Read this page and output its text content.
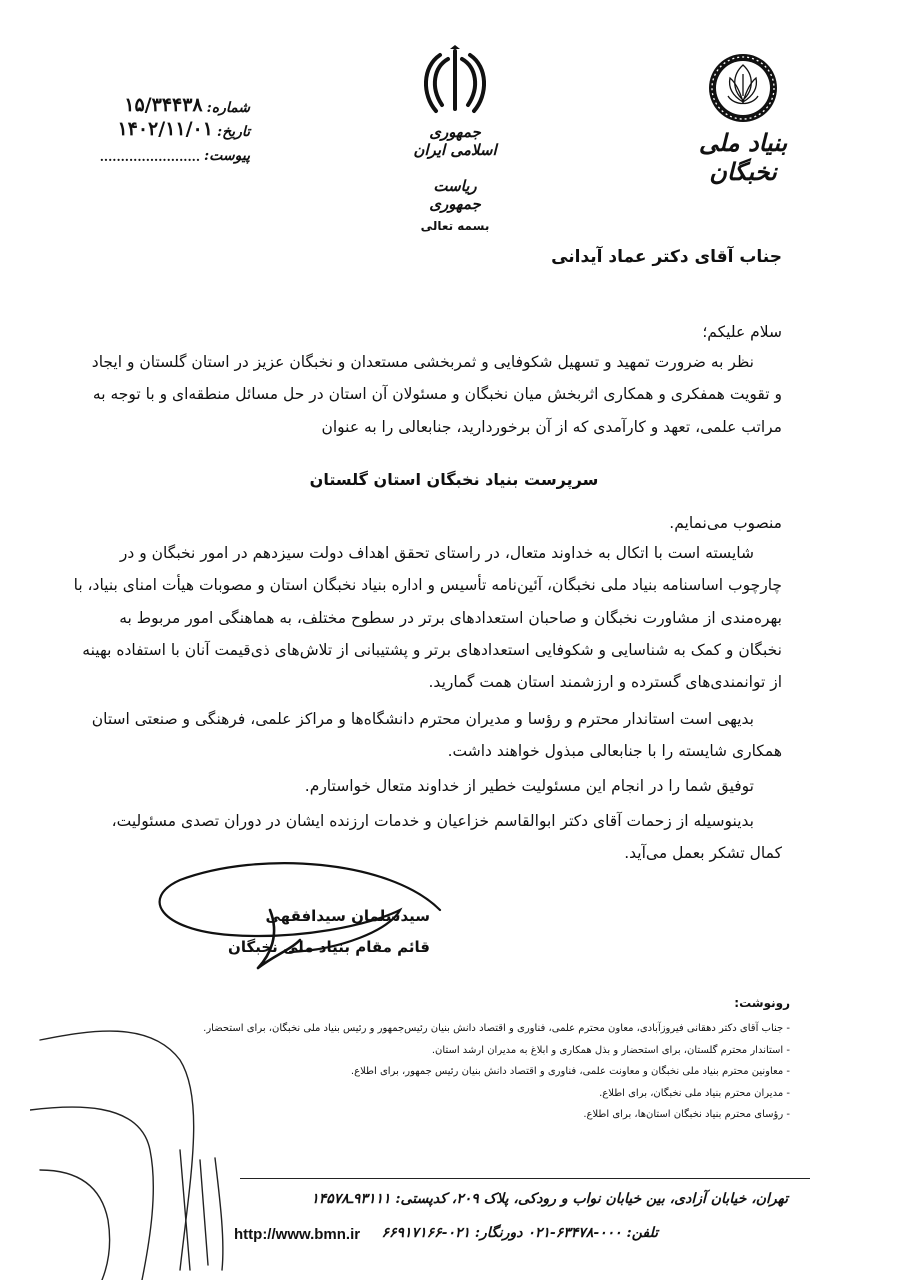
بنیاد ملی نخبگان
جمهوری اسلامی ایران
ریاست جمهوری
بسمه تعالی
شماره:
۱۵/۳۴۴۳۸
تاریخ:
۱۴۰۲/۱۱/۰۱
پیوست:
........................
جناب آقای دکتر عماد آیدانی
سلام علیکم؛
نظر به ضرورت تمهید و تسهیل شکوفایی و ثمربخشی مستعدان و نخبگان عزیز در استان گلستان و ایجاد
و تقویت همفکری و همکاری اثربخش میان نخبگان و مسئولان آن استان در حل مسائل منطقه‌ای و با توجه به
مراتب علمی، تعهد و کارآمدی که از آن برخوردارید، جنابعالی را به عنوان
سرپرست بنیاد نخبگان استان گلستان
منصوب می‌نمایم.
شایسته است با اتکال به خداوند متعال، در راستای تحقق اهداف دولت سیزدهم در امور نخبگان و در
چارچوب اساسنامه بنیاد ملی نخبگان، آئین‌نامه تأسیس و اداره بنیاد نخبگان استان و مصوبات هیأت امنای بنیاد، با
بهره‌مندی از مشاورت نخبگان و صاحبان استعدادهای برتر در سطوح مختلف، به هماهنگی امور مربوط به
نخبگان و کمک به شناسایی و شکوفایی استعدادهای برتر و پشتیبانی از تلاش‌های ذی‌قیمت آنان با استفاده بهینه
از توانمندی‌های گسترده و ارزشمند استان همت گمارید.
بدیهی است استاندار محترم و رؤسا و مدیران محترم دانشگاه‌ها و مراکز علمی، فرهنگی و صنعتی استان
همکاری شایسته را با جنابعالی مبذول خواهند داشت.
توفیق شما را در انجام این مسئولیت خطیر از خداوند متعال خواستارم.
بدینوسیله از زحمات آقای دکتر ابوالقاسم خزاعیان و خدمات ارزنده ایشان در دوران تصدی مسئولیت،
کمال تشکر بعمل می‌آید.
سیدسلمان سیدافقهی
قائم مقام بنیاد ملی نخبگان
رونوشت:
- جناب آقای دکتر دهقانی فیروزآبادی، معاون محترم علمی، فناوری و اقتصاد دانش بنیان رئیس‌جمهور و رئیس بنیاد ملی نخبگان، برای استحضار.
- استاندار محترم گلستان، برای استحضار و بذل همکاری و ابلاغ به مدیران ارشد استان.
- معاونین محترم بنیاد ملی نخبگان و معاونت علمی، فناوری و اقتصاد دانش بنیان رئیس جمهور، برای اطلاع.
- مدیران محترم بنیاد ملی نخبگان، برای اطلاع.
- رؤسای محترم بنیاد نخبگان استان‌ها، برای اطلاع.
تهران، خیابان آزادی، بین خیابان نواب و رودکی، پلاک ۲۰۹، کدپستی: ۹۳۱۱۱ـ۱۴۵۷۸
تلفن: ۰۰۰-۶۳۴۷۸-۰۲۱ دورنگار: ۰۲۱-۶۶۹۱۷۱۶۶
http://www.bmn.ir
